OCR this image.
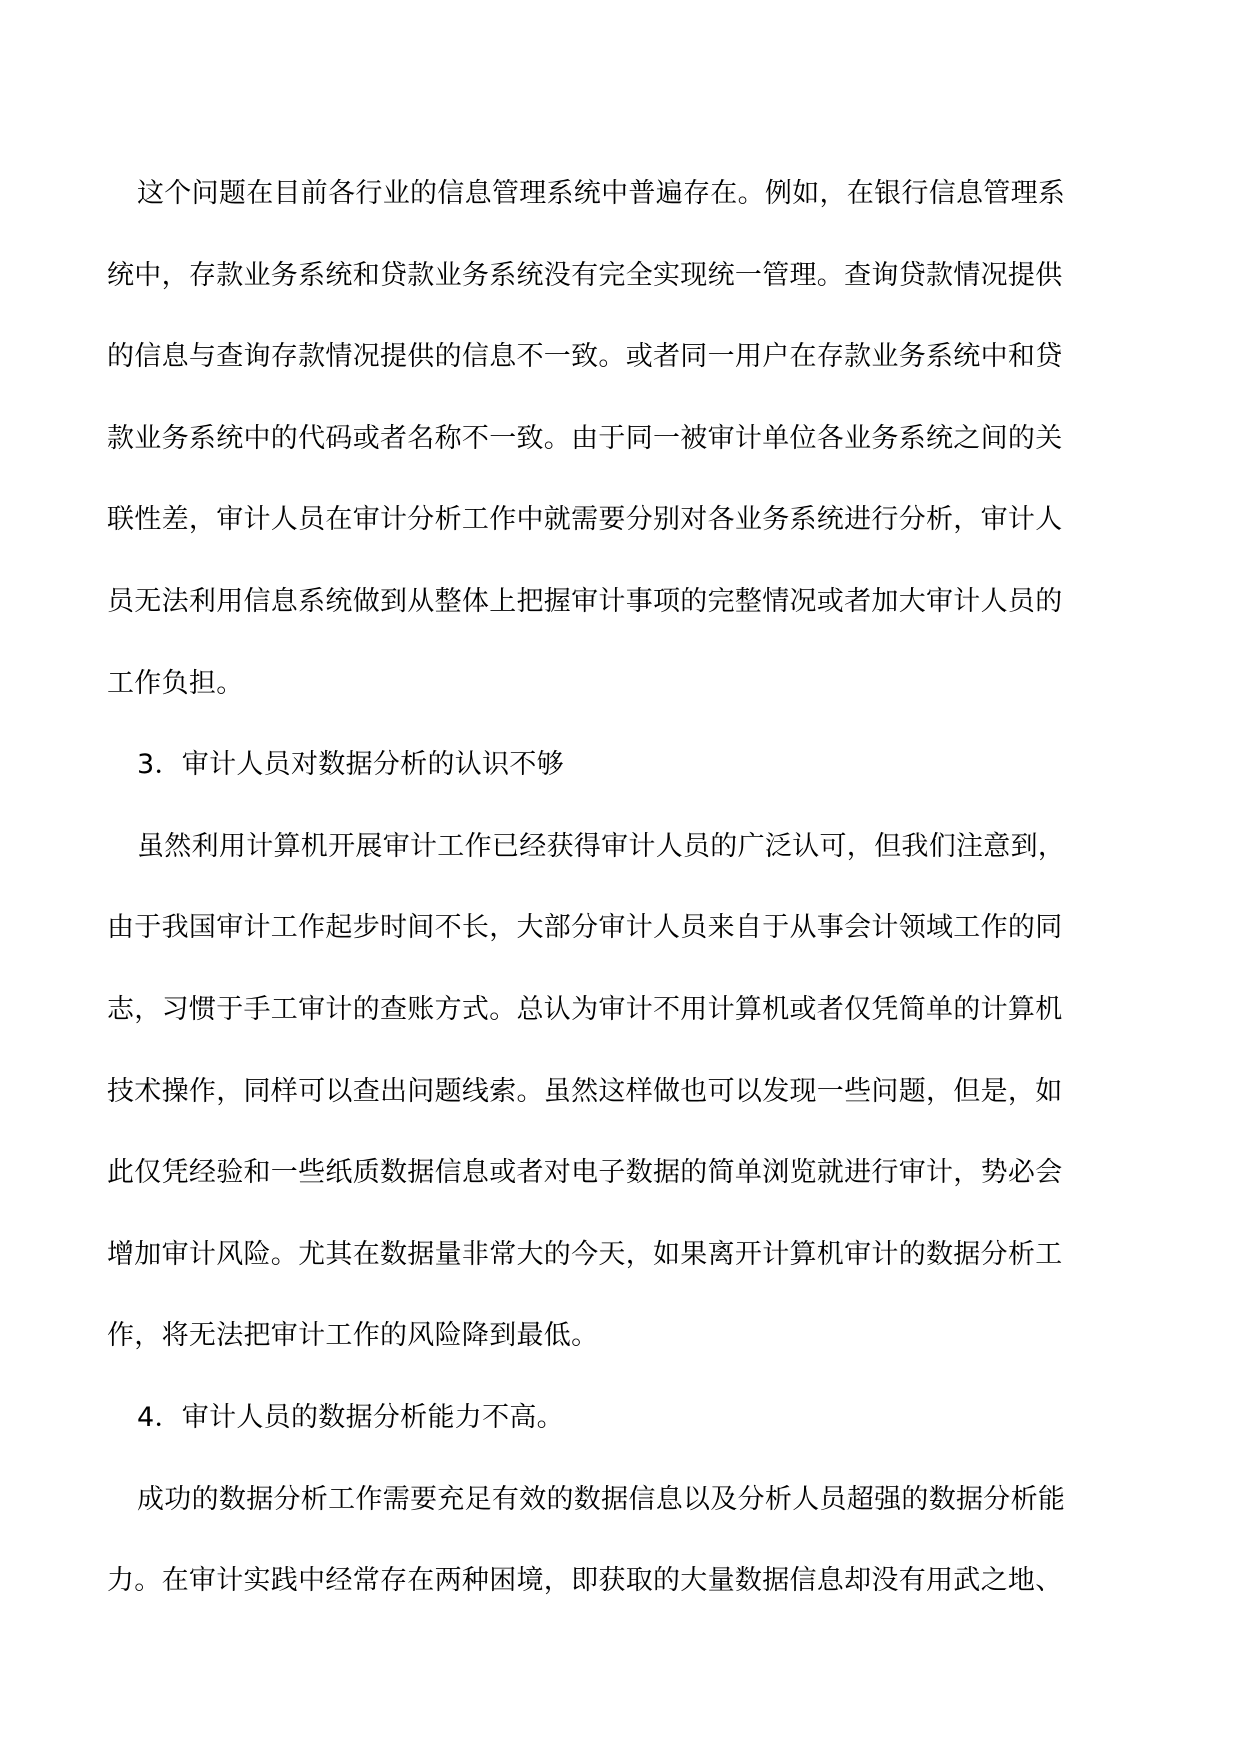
这个问题在目前各行业的信息管理系统中普遍存在。例如，在银行信息管理系
统中，存款业务系统和贷款业务系统没有完全实现统一管理。查询贷款情况提供
的信息与查询存款情况提供的信息不一致。或者同一用户在存款业务系统中和贷
款业务系统中的代码或者名称不一致。由于同一被审计单位各业务系统之间的关
联性差，审计人员在审计分析工作中就需要分别对各业务系统进行分析，审计人
员无法利用信息系统做到从整体上把握审计事项的完整情况或者加大审计人员的
工作负担。
3．审计人员对数据分析的认识不够
虽然利用计算机开展审计工作已经获得审计人员的广泛认可，但我们注意到，
由于我国审计工作起步时间不长，大部分审计人员来自于从事会计领域工作的同
志，习惯于手工审计的查账方式。总认为审计不用计算机或者仅凭简单的计算机
技术操作，同样可以查出问题线索。虽然这样做也可以发现一些问题，但是，如
此仅凭经验和一些纸质数据信息或者对电子数据的简单浏览就进行审计，势必会
增加审计风险。尤其在数据量非常大的今天，如果离开计算机审计的数据分析工
作，将无法把审计工作的风险降到最低。
4．审计人员的数据分析能力不高。
成功的数据分析工作需要充足有效的数据信息以及分析人员超强的数据分析能
力。在审计实践中经常存在两种困境，即获取的大量数据信息却没有用武之地、
